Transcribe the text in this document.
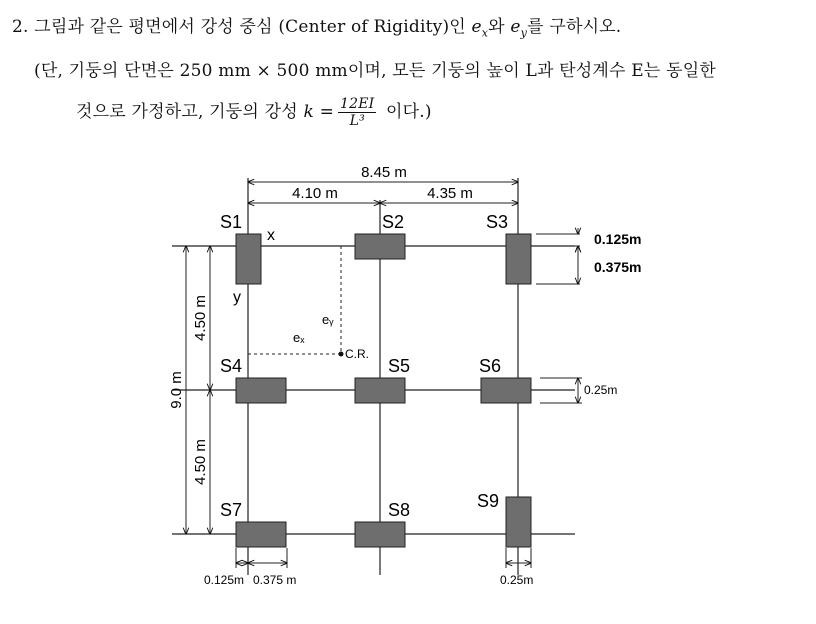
2. 그림과 같은 평면에서 강성 중심 (Center of Rigidity)인 $e_x$와 $e_y$를 구하시오.
(단, 기둥의 단면은 250 mm × 500 mm이며, 모든 기둥의 높이 L과 탄성계수 E는 동일한
것으로 가정하고, 기둥의 강성 $k = \frac{12EI}{\text{L³}}$ 이다.)
8.45 m
4.10 m	4.35 m
9.0 m
4.50 m
4.50 m
0.125m
0.375m
0.25m
0.125m 0.375 m	0.25m
S1	S2	S3
S4	S5	S6
S7	S8	S9
x
y
C.R.
eₓ
eᵧ
